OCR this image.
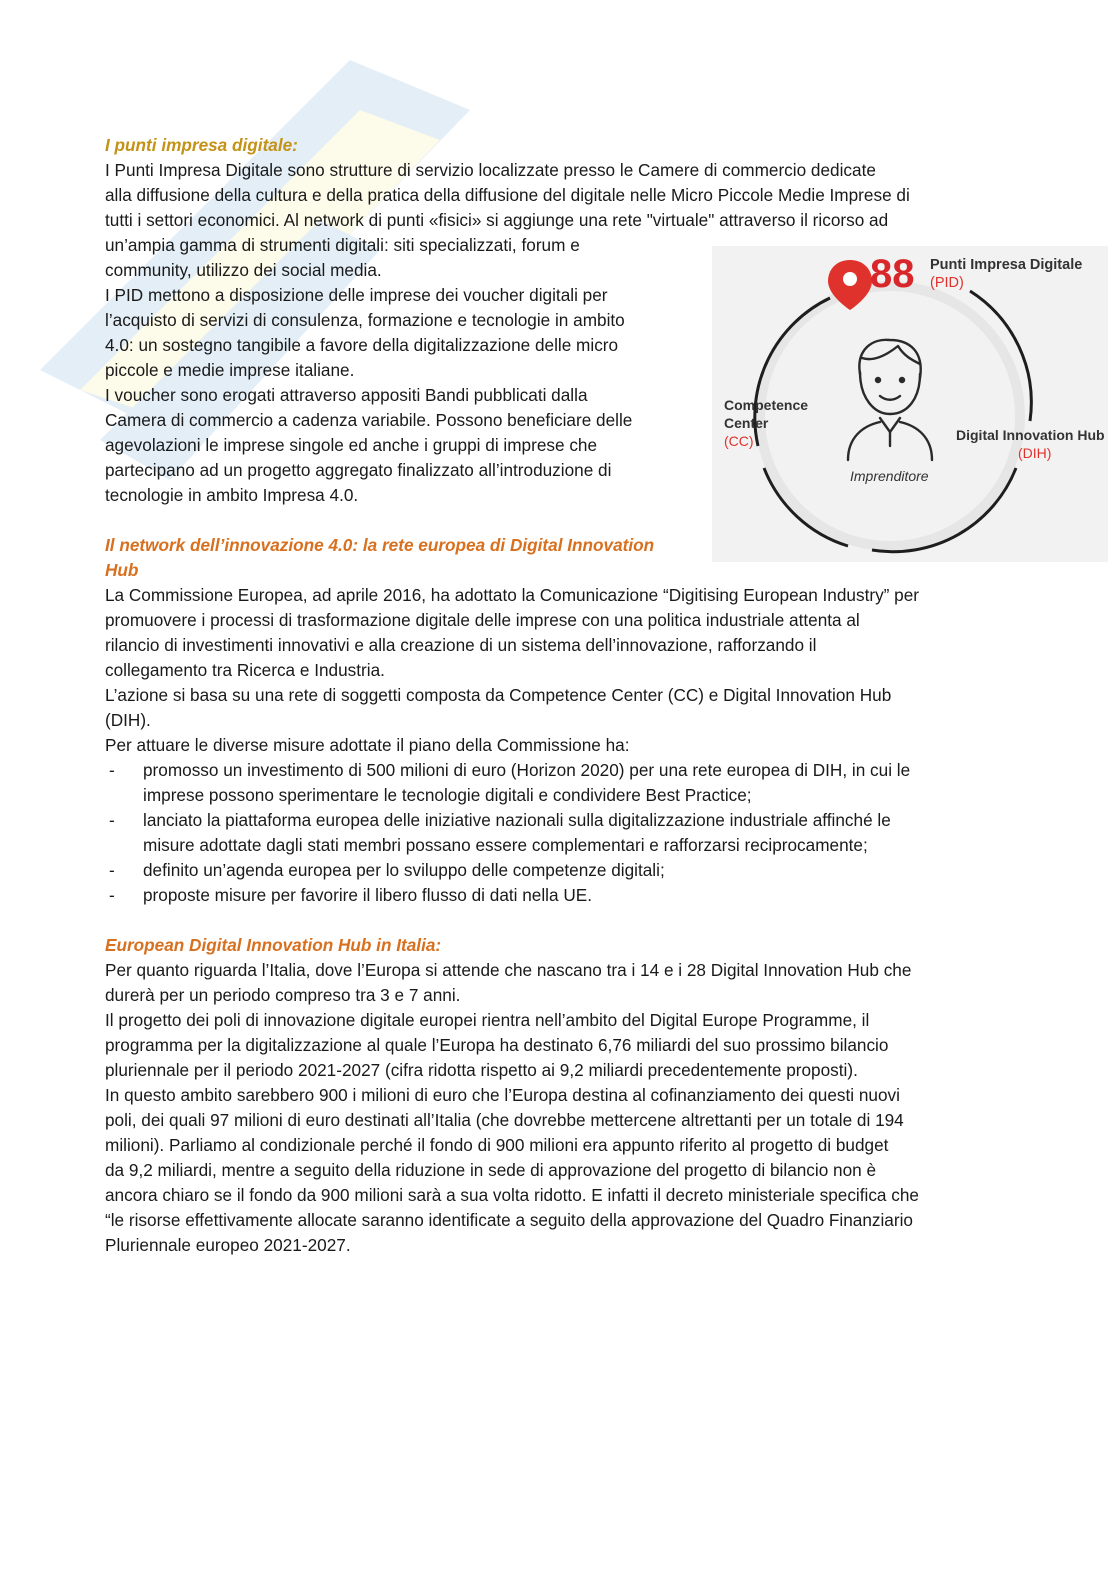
I punti impresa digitale:
I Punti Impresa Digitale sono strutture di servizio localizzate presso le Camere di commercio dedicate
alla diffusione della cultura e della pratica della diffusione del digitale nelle Micro Piccole Medie Imprese di
tutti i settori economici. Al network di punti «fisici» si aggiunge una rete "virtuale" attraverso il ricorso ad
un’ampia gamma di strumenti digitali: siti specializzati, forum e
community, utilizzo dei social media.
I PID mettono a disposizione delle imprese dei voucher digitali per
l’acquisto di servizi di consulenza, formazione e tecnologie in ambito
4.0: un sostegno tangibile a favore della digitalizzazione delle micro
piccole e medie imprese italiane.
I voucher sono erogati attraverso appositi Bandi pubblicati dalla
Camera di commercio a cadenza variabile. Possono beneficiare delle
agevolazioni le imprese singole ed anche i gruppi di imprese che
partecipano ad un progetto aggregato finalizzato all’introduzione di
tecnologie in ambito Impresa 4.0.
88 Punti Impresa Digitale
(PID)
Competence
Center
(CC)	Digital Innovation Hub
(DIH)
Imprenditore
Il network dell’innovazione 4.0: la rete europea di Digital Innovation
Hub
La Commissione Europea, ad aprile 2016, ha adottato la Comunicazione “Digitising European Industry” per
promuovere i processi di trasformazione digitale delle imprese con una politica industriale attenta al
rilancio di investimenti innovativi e alla creazione di un sistema dell’innovazione, rafforzando il
collegamento tra Ricerca e Industria.
L’azione si basa su una rete di soggetti composta da Competence Center (CC) e Digital Innovation Hub
(DIH).
Per attuare le diverse misure adottate il piano della Commissione ha:
- promosso un investimento di 500 milioni di euro (Horizon 2020) per una rete europea di DIH, in cui le
imprese possono sperimentare le tecnologie digitali e condividere Best Practice;
- lanciato la piattaforma europea delle iniziative nazionali sulla digitalizzazione industriale affinché le
misure adottate dagli stati membri possano essere complementari e rafforzarsi reciprocamente;
- definito un’agenda europea per lo sviluppo delle competenze digitali;
- proposte misure per favorire il libero flusso di dati nella UE.
European Digital Innovation Hub in Italia:
Per quanto riguarda l’Italia, dove l’Europa si attende che nascano tra i 14 e i 28 Digital Innovation Hub che
durerà per un periodo compreso tra 3 e 7 anni.
Il progetto dei poli di innovazione digitale europei rientra nell’ambito del Digital Europe Programme, il
programma per la digitalizzazione al quale l’Europa ha destinato 6,76 miliardi del suo prossimo bilancio
pluriennale per il periodo 2021-2027 (cifra ridotta rispetto ai 9,2 miliardi precedentemente proposti).
In questo ambito sarebbero 900 i milioni di euro che l’Europa destina al cofinanziamento dei questi nuovi
poli, dei quali 97 milioni di euro destinati all’Italia (che dovrebbe mettercene altrettanti per un totale di 194
milioni). Parliamo al condizionale perché il fondo di 900 milioni era appunto riferito al progetto di budget
da 9,2 miliardi, mentre a seguito della riduzione in sede di approvazione del progetto di bilancio non è
ancora chiaro se il fondo da 900 milioni sarà a sua volta ridotto. E infatti il decreto ministeriale specifica che
“le risorse effettivamente allocate saranno identificate a seguito della approvazione del Quadro Finanziario
Pluriennale europeo 2021-2027.
